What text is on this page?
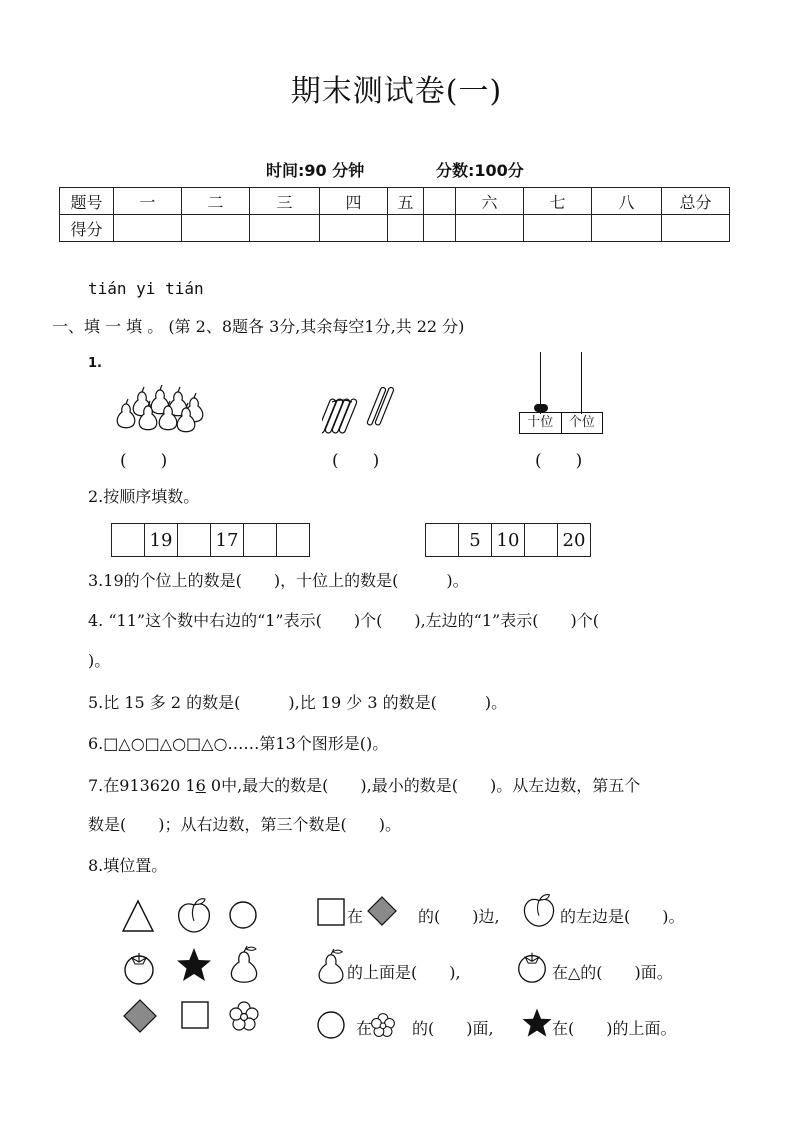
期末测试卷(一)
时间:90 分钟	分数:100分
题号	一	二	三	四	五		六	七	八	总分
得分										
tián yi tián
一、填 一 填 。 (第 2、8题各 3分,其余每空1分,共 22 分)
1.
十位	个位
(　　)	(　　)	(　　)
2.按顺序填数。
	19		17		
		5	10		20
3.19的个位上的数是(　　)，十位上的数是(　　　)。
4. “11”这个数中右边的“1”表示(　　)个(　　),左边的“1”表示(　　)个(
)。
5.比 15 多 2 的数是(　　　),比 19 少 3 的数是(　　　)。
6.□△○□△○□△○……第13个图形是()。
7.在913620 16 0中,最大的数是(　　),最小的数是(　　)。从左边数，第五个
数是(　　)；从右边数，第三个数是(　　)。
8.填位置。
在	的(　　)边,	的左边是(　　)。
的上面是(　　),	在△的(　　)面。
在 的(　　)面,	在(　　)的上面。
